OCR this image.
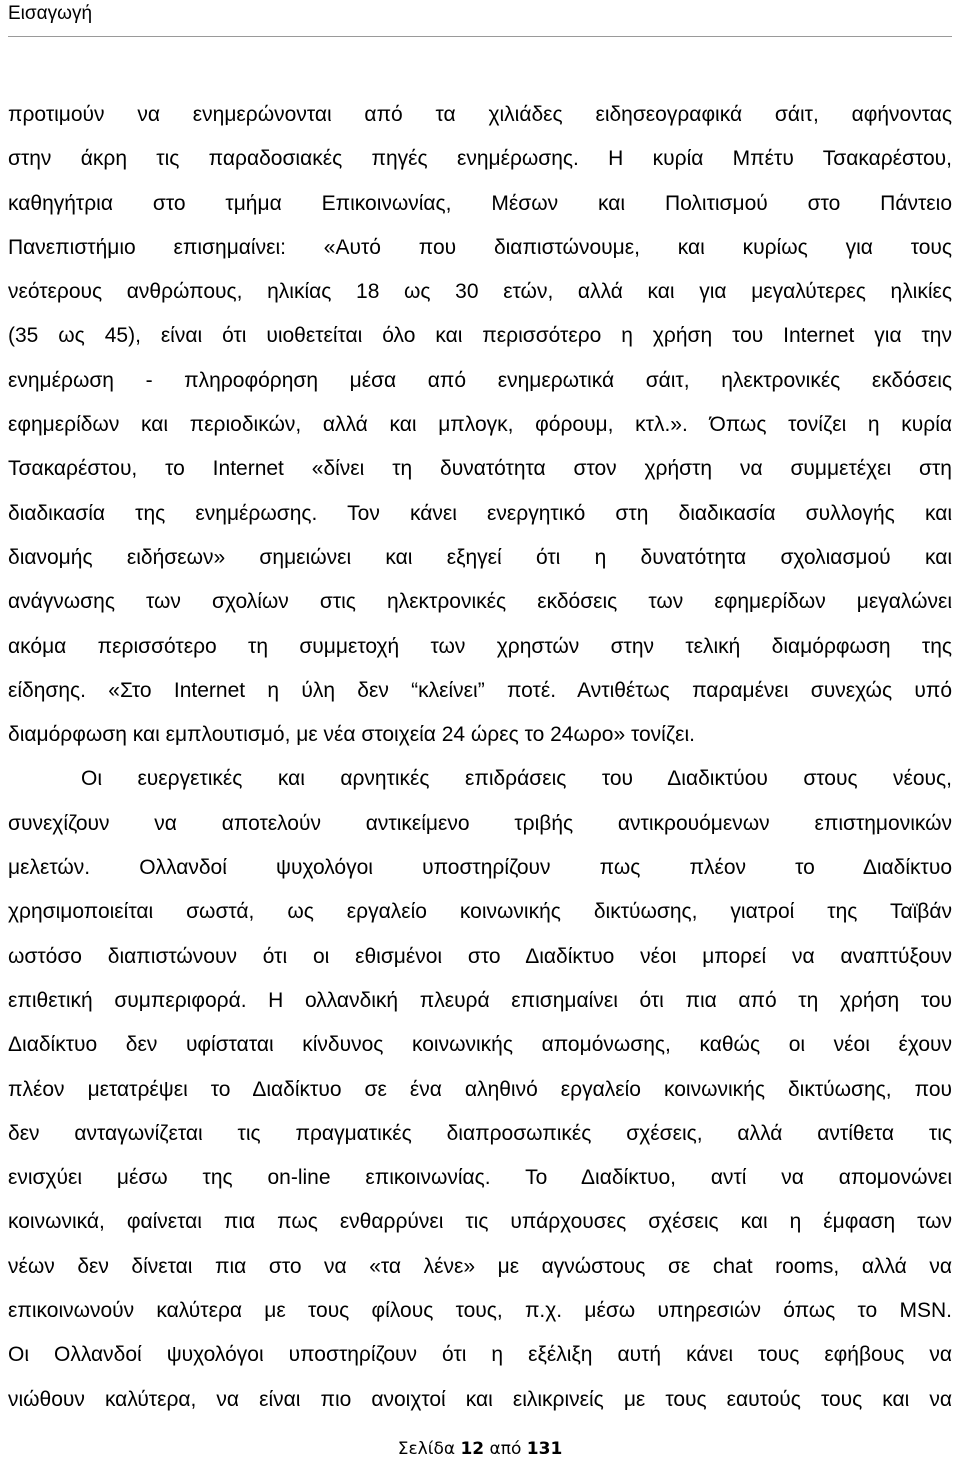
Εισαγωγή
προτιμούν να ενημερώνονται από τα χιλιάδες ειδησεογραφικά σάιτ, αφήνοντας
στην άκρη τις παραδοσιακές πηγές ενημέρωσης. Η κυρία Μπέτυ Τσακαρέστου,
καθηγήτρια στο τμήμα Επικοινωνίας, Μέσων και Πολιτισμού στο Πάντειο
Πανεπιστήμιο επισημαίνει: «Αυτό που διαπιστώνουμε, και κυρίως για τους
νεότερους ανθρώπους, ηλικίας 18 ως 30 ετών, αλλά και για μεγαλύτερες ηλικίες
(35 ως 45), είναι ότι υιοθετείται όλο και περισσότερο η χρήση του Internet για την
ενημέρωση - πληροφόρηση μέσα από ενημερωτικά σάιτ, ηλεκτρονικές εκδόσεις
εφημερίδων και περιοδικών, αλλά και μπλογκ, φόρουμ, κτλ.». Όπως τονίζει η κυρία
Τσακαρέστου, το Internet «δίνει τη δυνατότητα στον χρήστη να συμμετέχει στη
διαδικασία της ενημέρωσης. Τον κάνει ενεργητικό στη διαδικασία συλλογής και
διανομής ειδήσεων» σημειώνει και εξηγεί ότι η δυνατότητα σχολιασμού και
ανάγνωσης των σχολίων στις ηλεκτρονικές εκδόσεις των εφημερίδων μεγαλώνει
ακόμα περισσότερο τη συμμετοχή των χρηστών στην τελική διαμόρφωση της
είδησης. «Στο Internet η ύλη δεν “κλείνει” ποτέ. Αντιθέτως παραμένει συνεχώς υπό
διαμόρφωση και εμπλουτισμό, με νέα στοιχεία 24 ώρες το 24ωρο» τονίζει.
Οι ευεργετικές και αρνητικές επιδράσεις του Διαδικτύου στους νέους,
συνεχίζουν να αποτελούν αντικείμενο τριβής αντικρουόμενων επιστημονικών
μελετών. Ολλανδοί ψυχολόγοι υποστηρίζουν πως πλέον το Διαδίκτυο
χρησιμοποιείται σωστά, ως εργαλείο κοινωνικής δικτύωσης, γιατροί της Ταϊβάν
ωστόσο διαπιστώνουν ότι οι εθισμένοι στο Διαδίκτυο νέοι μπορεί να αναπτύξουν
επιθετική συμπεριφορά. Η ολλανδική πλευρά επισημαίνει ότι πια από τη χρήση του
Διαδίκτυο δεν υφίσταται κίνδυνος κοινωνικής απομόνωσης, καθώς οι νέοι έχουν
πλέον μετατρέψει το Διαδίκτυο σε ένα αληθινό εργαλείο κοινωνικής δικτύωσης, που
δεν ανταγωνίζεται τις πραγματικές διαπροσωπικές σχέσεις, αλλά αντίθετα τις
ενισχύει μέσω της on-line επικοινωνίας. Το Διαδίκτυο, αντί να απομονώνει
κοινωνικά, φαίνεται πια πως ενθαρρύνει τις υπάρχουσες σχέσεις και η έμφαση των
νέων δεν δίνεται πια στο να «τα λένε» με αγνώστους σε chat rooms, αλλά να
επικοινωνούν καλύτερα με τους φίλους τους, π.χ. μέσω υπηρεσιών όπως το MSN.
Οι Ολλανδοί ψυχολόγοι υποστηρίζουν ότι η εξέλιξη αυτή κάνει τους εφήβους να
νιώθουν καλύτερα, να είναι πιο ανοιχτοί και ειλικρινείς με τους εαυτούς τους και να
Σελίδα 12 από 131
